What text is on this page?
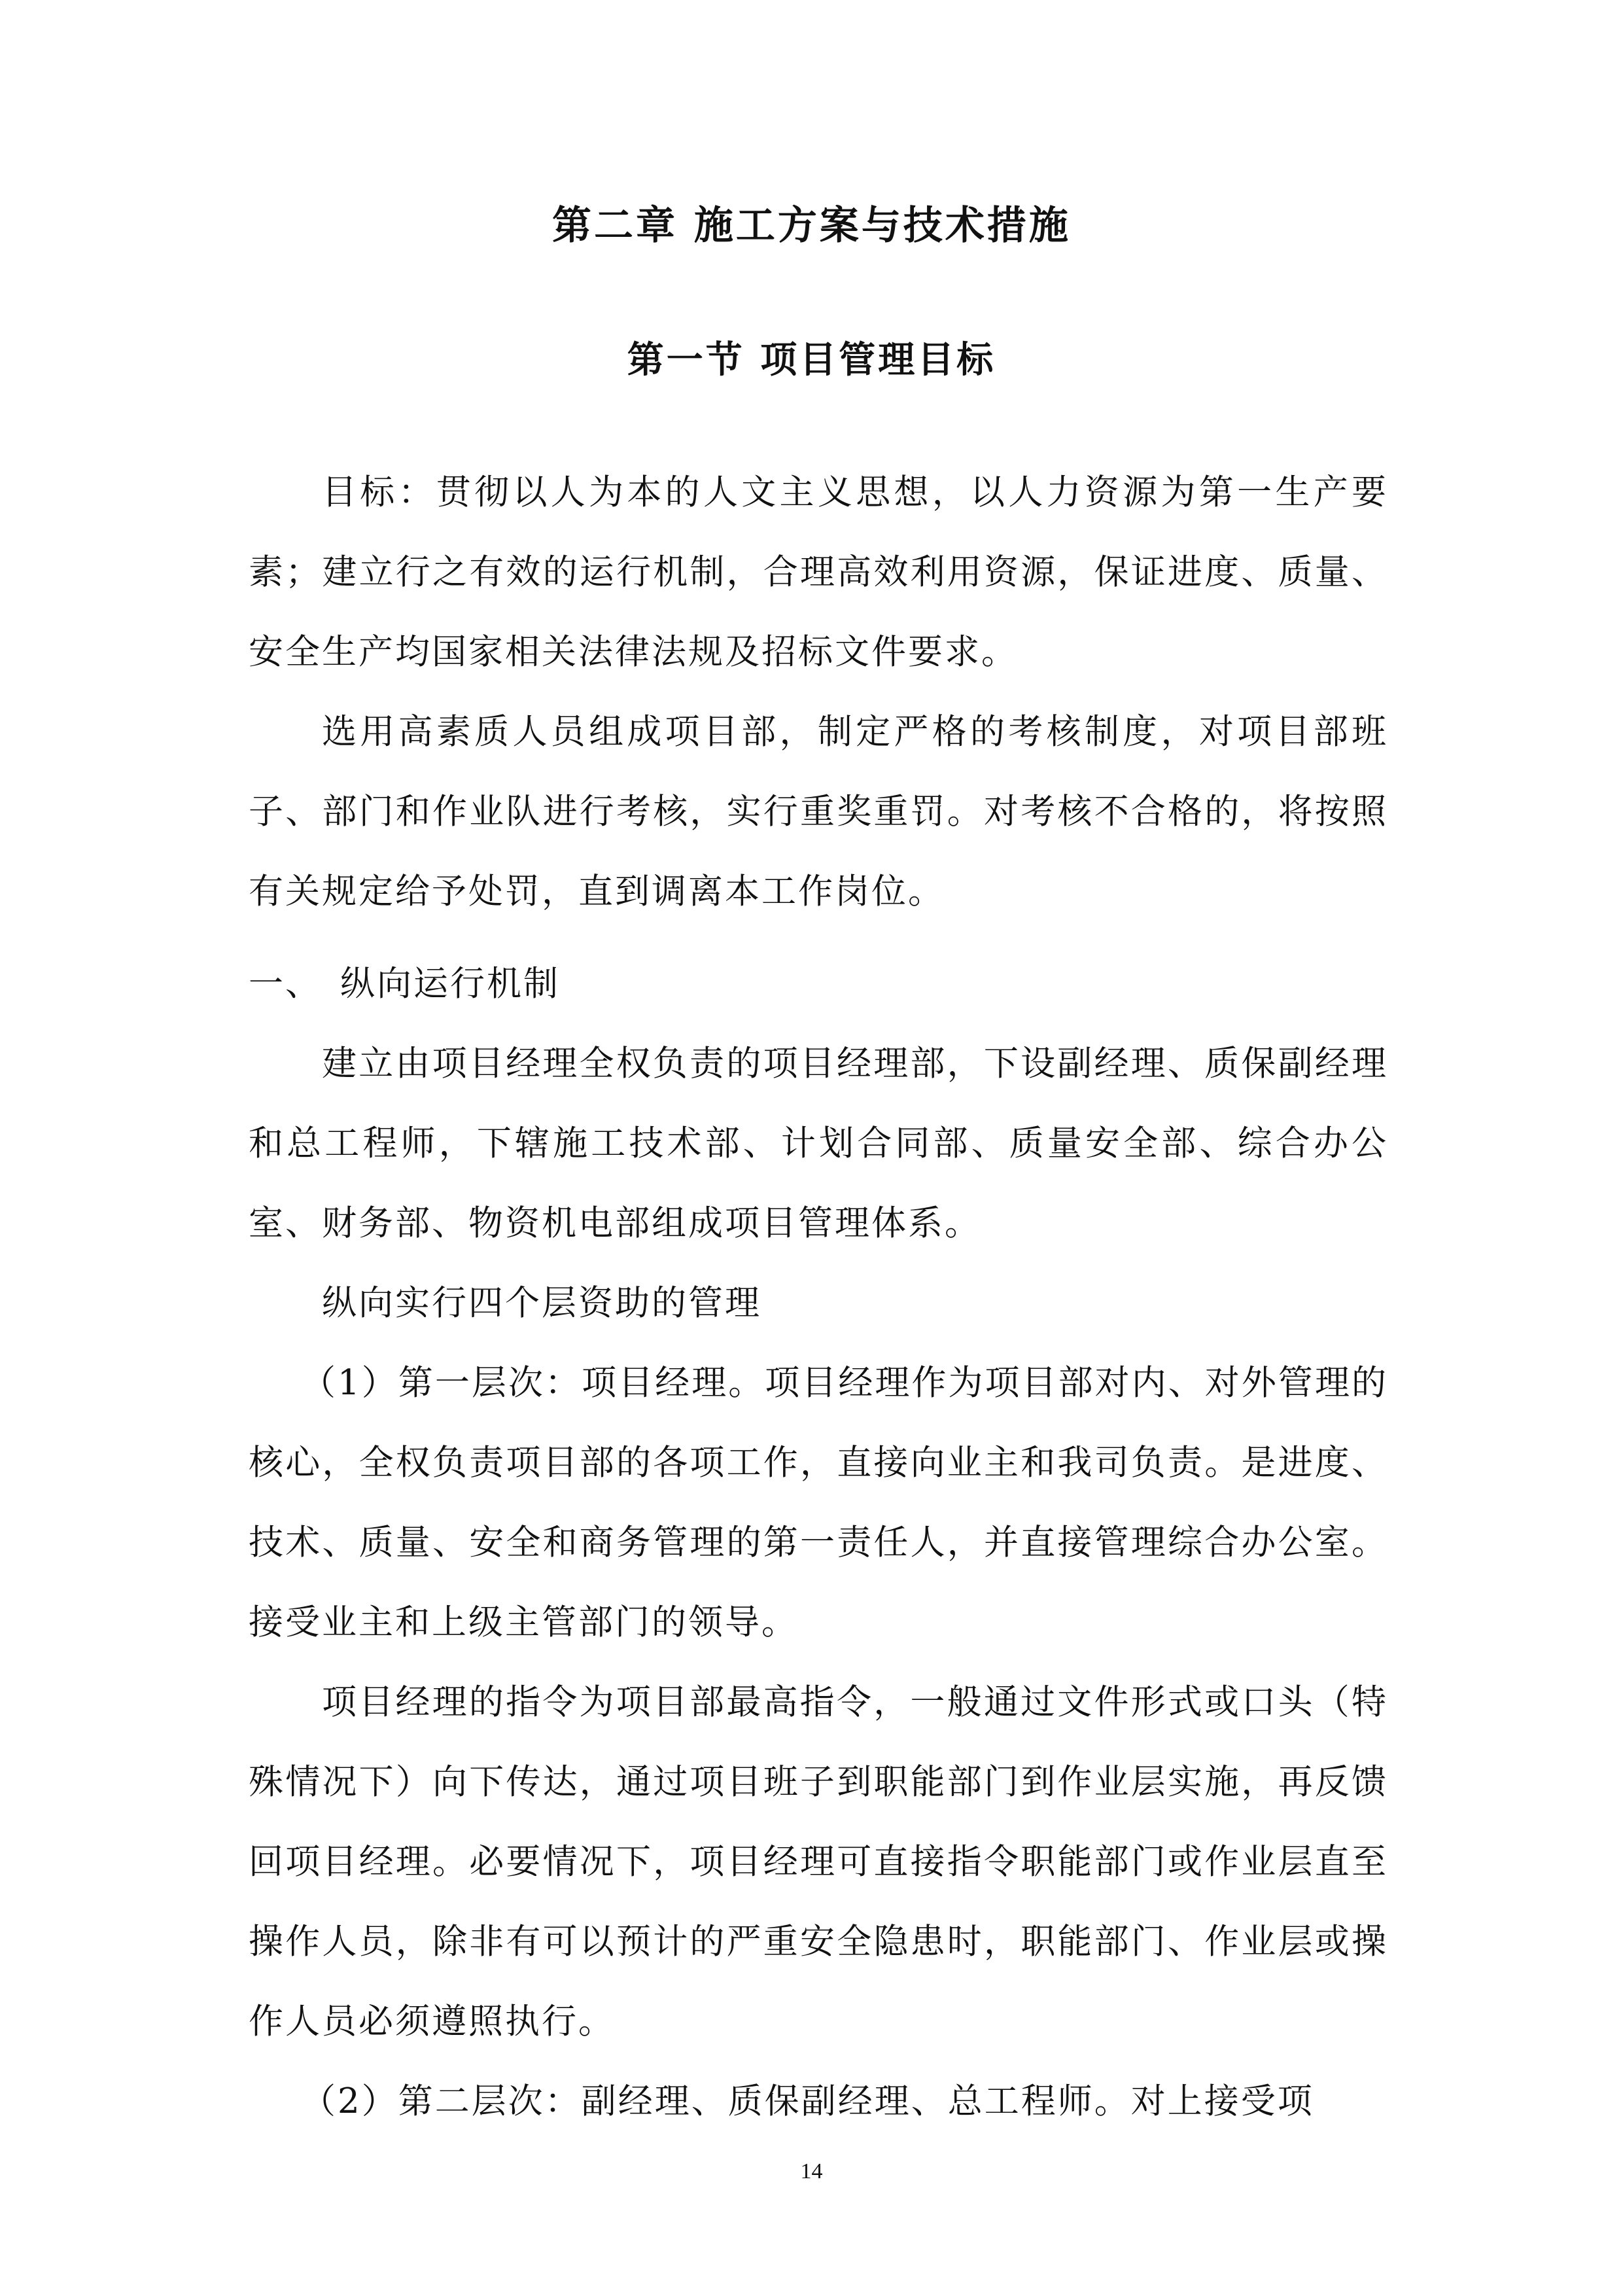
第二章 施工方案与技术措施
第一节 项目管理目标

目标：贯彻以人为本的人文主义思想，以人力资源为第一生产要素；建立行之有效的运行机制，合理高效利用资源，保证进度、质量、安全生产均国家相关法律法规及招标文件要求。

选用高素质人员组成项目部，制定严格的考核制度，对项目部班子、部门和作业队进行考核，实行重奖重罚。对考核不合格的，将按照有关规定给予处罚，直到调离本工作岗位。

一、 纵向运行机制

建立由项目经理全权负责的项目经理部，下设副经理、质保副经理和总工程师，下辖施工技术部、计划合同部、质量安全部、综合办公室、财务部、物资机电部组成项目管理体系。

纵向实行四个层资助的管理

（1）第一层次：项目经理。项目经理作为项目部对内、对外管理的核心，全权负责项目部的各项工作，直接向业主和我司负责。是进度、技术、质量、安全和商务管理的第一责任人，并直接管理综合办公室。接受业主和上级主管部门的领导。

项目经理的指令为项目部最高指令，一般通过文件形式或口头（特殊情况下）向下传达，通过项目班子到职能部门到作业层实施，再反馈回项目经理。必要情况下，项目经理可直接指令职能部门或作业层直至操作人员，除非有可以预计的严重安全隐患时，职能部门、作业层或操作人员必须遵照执行。

（2）第二层次：副经理、质保副经理、总工程师。对上接受项

14
